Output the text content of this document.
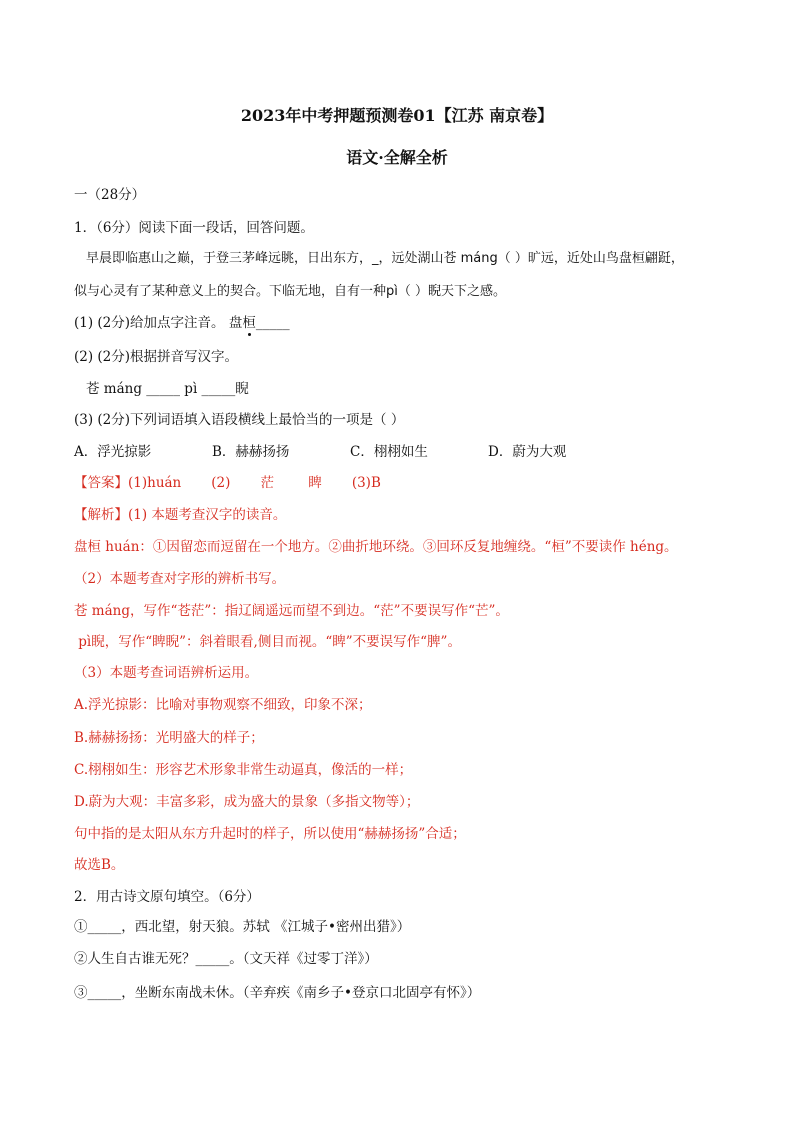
2023年中考押题预测卷01【江苏 南京卷】
语文·全解全析
一（28分）
1．（6分）阅读下面一段话，回答问题。
早晨即临惠山之巅，于登三茅峰远眺，日出东方，_，远处湖山苍 máng（ ）旷远，近处山鸟盘桓翩跹，
似与心灵有了某种意义上的契合。下临无地，自有一种pì（ ）睨天下之感。
(1) (2分)给加点字注音。 盘桓_____
(2) (2分)根据拼音写汉字。
苍 máng _____ pì _____睨
(3) (2分)下列词语填入语段横线上最恰当的一项是（ ）
A．浮光掠影	B．赫赫扬扬	C．栩栩如生	D．蔚为大观
【答案】(1)huán       (2)       茫        睥       (3)B
【解析】(1) 本题考查汉字的读音。
盘桓 huán：①因留恋而逗留在一个地方。②曲折地环绕。③回环反复地缠绕。“桓”不要读作 héng。
（2）本题考查对字形的辨析书写。
苍 máng，写作“苍茫”：指辽阔遥远而望不到边。“茫”不要误写作“芒”。
pì睨，写作“睥睨”：斜着眼看,侧目而视。“睥”不要误写作“脾”。
（3）本题考查词语辨析运用。
A.浮光掠影：比喻对事物观察不细致，印象不深；
B.赫赫扬扬：光明盛大的样子；
C.栩栩如生：形容艺术形象非常生动逼真，像活的一样；
D.蔚为大观：丰富多彩，成为盛大的景象（多指文物等）；
句中指的是太阳从东方升起时的样子，所以使用“赫赫扬扬”合适；
故选B。
2．用古诗文原句填空。（6分）
①_____，西北望，射天狼。苏轼 《江城子•密州出猎》）
②人生自古谁无死？_____。（文天祥《过零丁洋》）
③_____，坐断东南战未休。（辛弃疾《南乡子•登京口北固亭有怀》）
